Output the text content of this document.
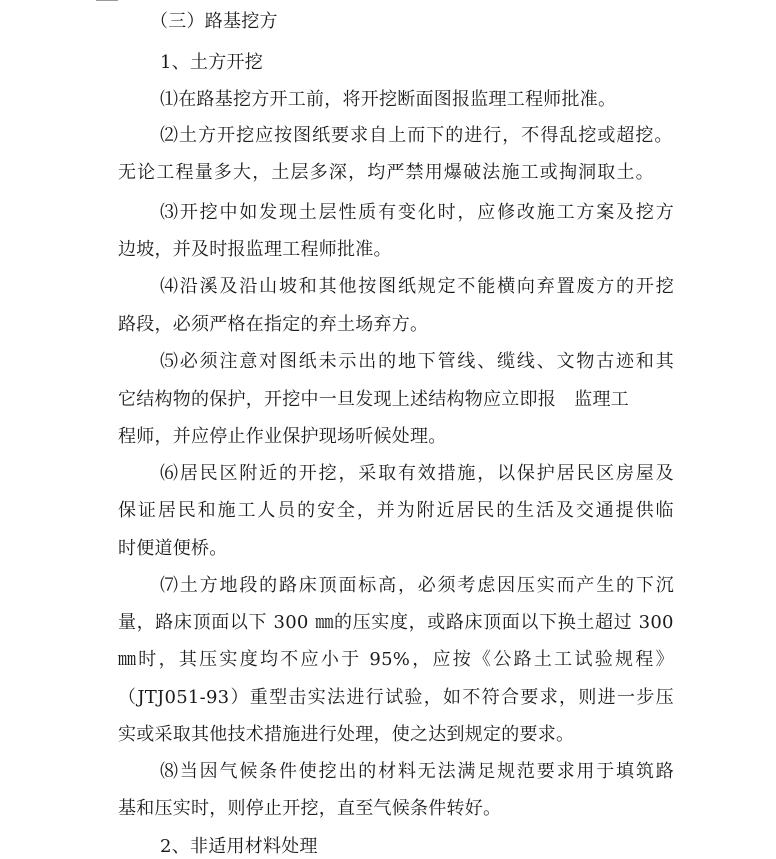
（三）路基挖方
1、土方开挖
⑴在路基挖方开工前，将开挖断面图报监理工程师批准。
⑵ 土 方 开 挖 应 按 图 纸 要 求 自 上 而 下 的 进 行 ， 不 得 乱 挖 或 超 挖 。
无 论 工 程 量 多 大 ， 土 层 多 深 ， 均 严 禁 用 爆 破 法 施 工 或 掏 洞 取 土 。
⑶ 开 挖 中 如 发 现 土 层 性 质 有 变 化 时 ， 应 修 改 施 工 方 案 及 挖 方
边坡，并及时报监理工程师批准。
⑷ 沿 溪 及 沿 山 坡 和 其 他 按 图 纸 规 定 不 能 横 向 弃 置 废 方 的 开 挖
路段，必须严格在指定的弃土场弃方。
⑸ 必 须 注 意 对 图 纸 未 示 出 的 地 下 管 线 、 缆 线 、 文 物 古 迹 和 其
它结构物的保护，开挖中一旦发现上述结构物应立即报　监理工
程师，并应停止作业保护现场听候处理。
⑹ 居 民 区 附 近 的 开 挖 ， 采 取 有 效 措 施 ， 以 保 护 居 民 区 房 屋 及
保 证 居 民 和 施 工 人 员 的 安 全 ， 并 为 附 近 居 民 的 生 活 及 交 通 提 供 临
时便道便桥。
⑺ 土 方 地 段 的 路 床 顶 面 标 高 ， 必 须 考 虑 因 压 实 而 产 生 的 下 沉
量 ， 路 床 顶 面 以 下
300
㎜ 的 压 实 度 ， 或 路 床 顶 面 以 下 换 土 超 过
300
㎜ 时 ， 其 压 实 度 均 不 应 小 于
95% ， 应 按 《 公 路 土 工 试 验 规 程 》
（ JTJ051-93 ） 重 型 击 实 法 进 行 试 验 ， 如 不 符 合 要 求 ， 则 进 一 步 压
实或采取其他技术措施进行处理，使之达到规定的要求。
⑻ 当 因 气 候 条 件 使 挖 出 的 材 料 无 法 满 足 规 范 要 求 用 于 填 筑 路
基和压实时，则停止开挖，直至气候条件转好。
2、非适用材料处理
